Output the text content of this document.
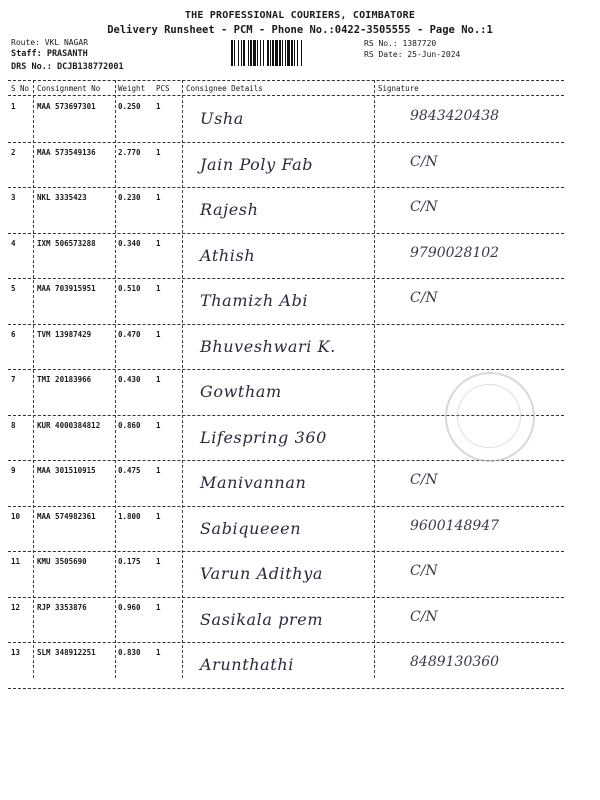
THE PROFESSIONAL COURIERS, COIMBATORE
Delivery Runsheet - PCM - Phone No.:0422-3505555 - Page No.:1
Route: VKL NAGAR
Staff: PRASANTH
DRS No.: DCJB138772001
RS No.: 1387720
RS Date: 25-Jun-2024
S No Consignment No Weight PCS Consignee Details	Signature
1	MAA 573697301	0.250 1
Usha	9843420438
2	MAA 573549136	2.770 1
Jain Poly Fab	C/N
3	NKL 3335423	0.230 1
Rajesh	C/N
4	IXM 506573288	0.340 1
Athish	9790028102
5	MAA 703915951	0.510 1
Thamizh Abi	C/N
6	TVM 13987429	0.470 1
Bhuveshwari K.
7	TMI 20183966	0.430 1
Gowtham
8	KUR 4000384812 0.860 1
Lifespring 360
9	MAA 301510915	0.475 1
Manivannan	C/N
10 MAA 574982361	1.800 1
Sabiqueeen	9600148947
11 KMU 3505690	0.175 1
Varun Adithya	C/N
12 RJP 3353876	0.960 1
Sasikala prem	C/N
13 SLM 348912251	0.830 1
Arunthathi	8489130360
